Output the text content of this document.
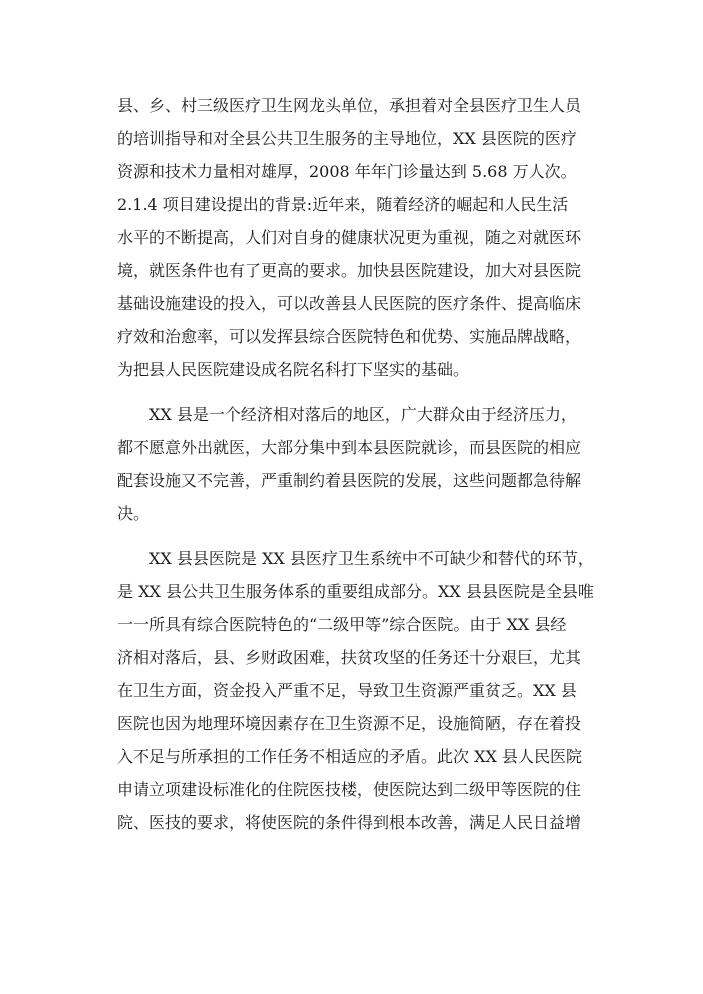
县、乡、村三级医疗卫生网龙头单位，承担着对全县医疗卫生人员
的培训指导和对全县公共卫生服务的主导地位，XX 县医院的医疗
资源和技术力量相对雄厚，2008 年年门诊量达到 5.68 万人次。
2.1.4 项目建设提出的背景:近年来，随着经济的崛起和人民生活
水平的不断提高，人们对自身的健康状况更为重视，随之对就医环
境，就医条件也有了更高的要求。加快县医院建设，加大对县医院
基础设施建设的投入，可以改善县人民医院的医疗条件、提高临床
疗效和治愈率，可以发挥县综合医院特色和优势、实施品牌战略，
为把县人民医院建设成名院名科打下坚实的基础。
XX 县是一个经济相对落后的地区，广大群众由于经济压力，
都不愿意外出就医，大部分集中到本县医院就诊，而县医院的相应
配套设施又不完善，严重制约着县医院的发展，这些问题都急待解
决。
XX 县县医院是 XX 县医疗卫生系统中不可缺少和替代的环节，
是 XX 县公共卫生服务体系的重要组成部分。XX 县县医院是全县唯
一一所具有综合医院特色的“二级甲等”综合医院。由于 XX 县经
济相对落后，县、乡财政困难，扶贫攻坚的任务还十分艰巨，尤其
在卫生方面，资金投入严重不足，导致卫生资源严重贫乏。XX 县
医院也因为地理环境因素存在卫生资源不足，设施简陋，存在着投
入不足与所承担的工作任务不相适应的矛盾。此次 XX 县人民医院
申请立项建设标准化的住院医技楼，使医院达到二级甲等医院的住
院、医技的要求，将使医院的条件得到根本改善，满足人民日益增
